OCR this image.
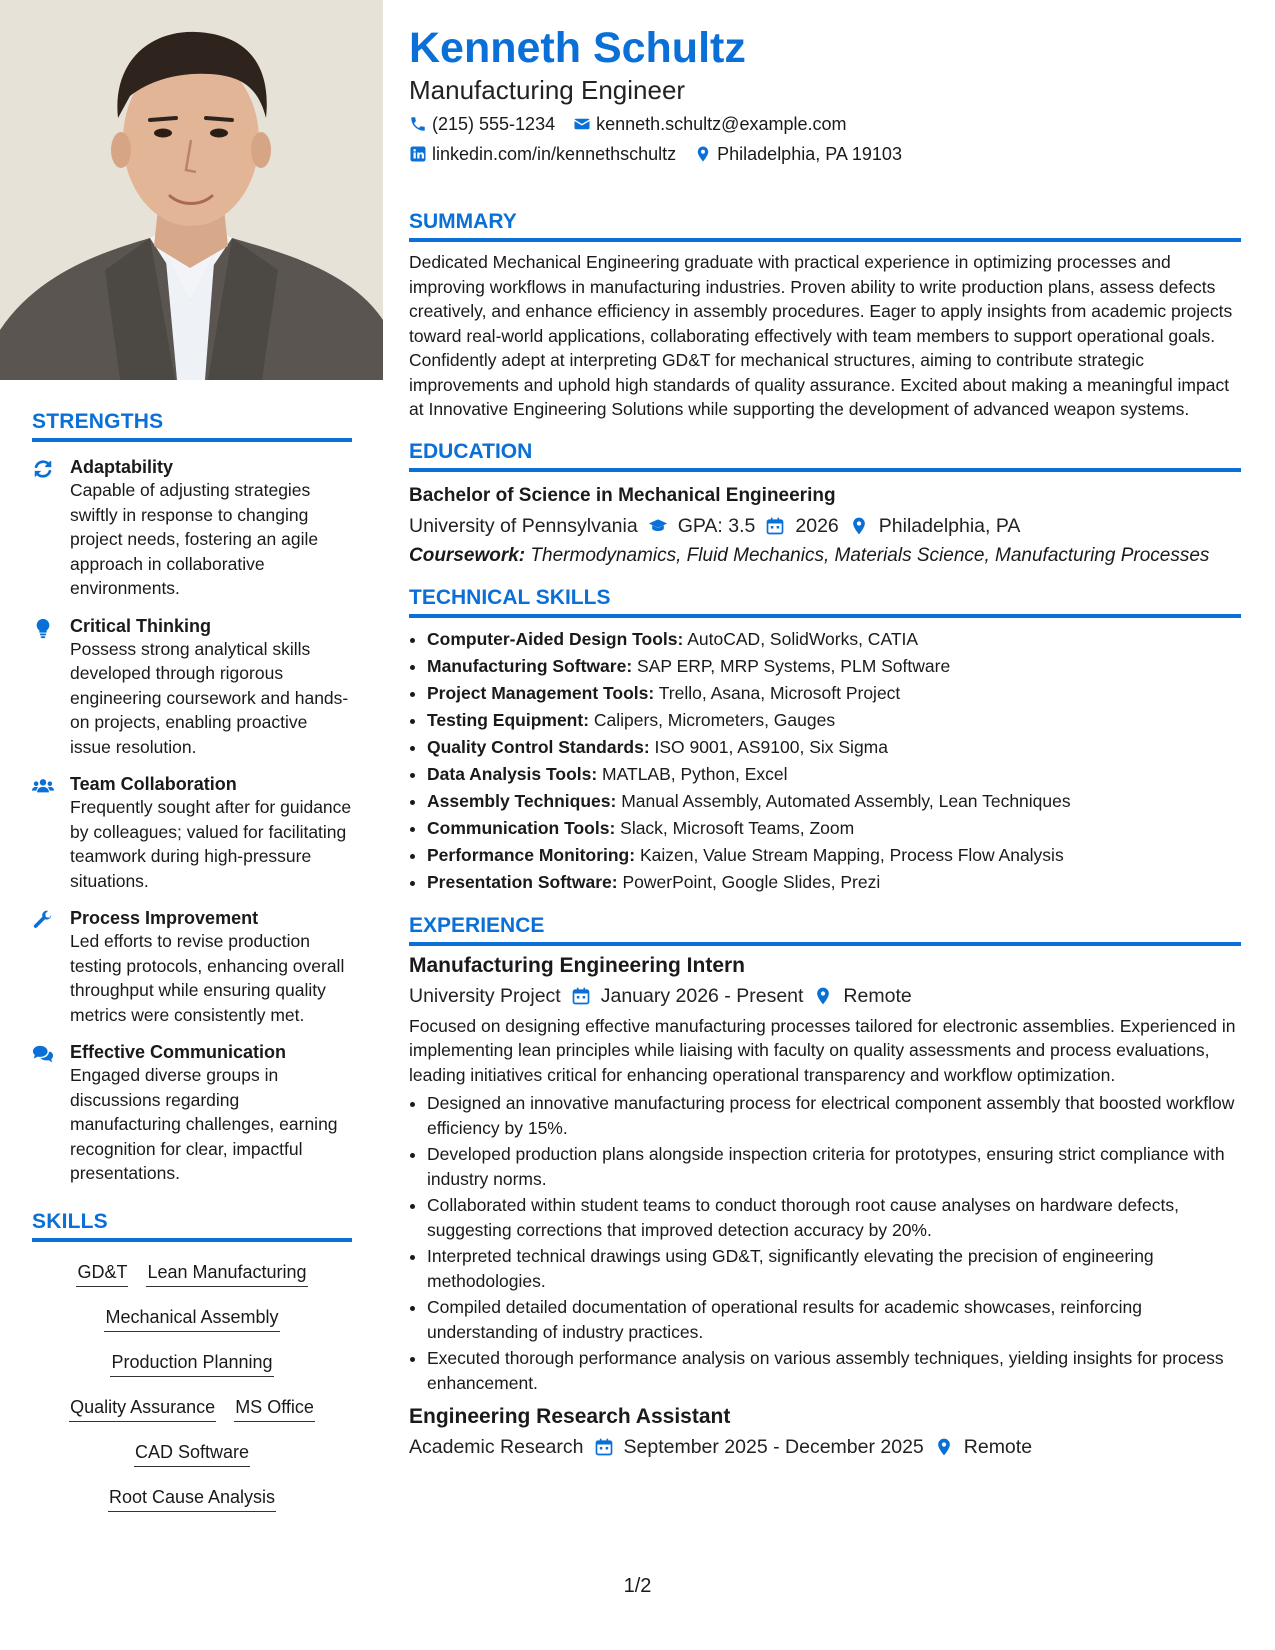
STRENGTHS
Adaptability
Capable of adjusting strategies swiftly in response to changing project needs, fostering an agile approach in collaborative environments.
Critical Thinking
Possess strong analytical skills developed through rigorous engineering coursework and hands-on projects, enabling proactive issue resolution.
Team Collaboration
Frequently sought after for guidance by colleagues; valued for facilitating teamwork during high-pressure situations.
Process Improvement
Led efforts to revise production testing protocols, enhancing overall throughput while ensuring quality metrics were consistently met.
Effective Communication
Engaged diverse groups in discussions regarding manufacturing challenges, earning recognition for clear, impactful presentations.
SKILLS
GD&T Lean Manufacturing
Mechanical Assembly
Production Planning
Quality Assurance MS Office
CAD Software
Root Cause Analysis
Kenneth Schultz
Manufacturing Engineer
(215) 555-1234 kenneth.schultz@example.com
linkedin.com/in/kennethschultz Philadelphia, PA 19103
SUMMARY
Dedicated Mechanical Engineering graduate with practical experience in optimizing processes and improving workflows in manufacturing industries. Proven ability to write production plans, assess defects creatively, and enhance efficiency in assembly procedures. Eager to apply insights from academic projects toward real-world applications, collaborating effectively with team members to support operational goals. Confidently adept at interpreting GD&T for mechanical structures, aiming to contribute strategic improvements and uphold high standards of quality assurance. Excited about making a meaningful impact at Innovative Engineering Solutions while supporting the development of advanced weapon systems.
EDUCATION
Bachelor of Science in Mechanical Engineering
University of Pennsylvania GPA: 3.5 2026 Philadelphia, PA
Coursework: Thermodynamics, Fluid Mechanics, Materials Science, Manufacturing Processes
TECHNICAL SKILLS
• Computer-Aided Design Tools: AutoCAD, SolidWorks, CATIA
• Manufacturing Software: SAP ERP, MRP Systems, PLM Software
• Project Management Tools: Trello, Asana, Microsoft Project
• Testing Equipment: Calipers, Micrometers, Gauges
• Quality Control Standards: ISO 9001, AS9100, Six Sigma
• Data Analysis Tools: MATLAB, Python, Excel
• Assembly Techniques: Manual Assembly, Automated Assembly, Lean Techniques
• Communication Tools: Slack, Microsoft Teams, Zoom
• Performance Monitoring: Kaizen, Value Stream Mapping, Process Flow Analysis
• Presentation Software: PowerPoint, Google Slides, Prezi
EXPERIENCE
Manufacturing Engineering Intern
University Project January 2026 - Present Remote
Focused on designing effective manufacturing processes tailored for electronic assemblies. Experienced in implementing lean principles while liaising with faculty on quality assessments and process evaluations, leading initiatives critical for enhancing operational transparency and workflow optimization.
• Designed an innovative manufacturing process for electrical component assembly that boosted workflow efficiency by 15%.
• Developed production plans alongside inspection criteria for prototypes, ensuring strict compliance with industry norms.
• Collaborated within student teams to conduct thorough root cause analyses on hardware defects, suggesting corrections that improved detection accuracy by 20%.
• Interpreted technical drawings using GD&T, significantly elevating the precision of engineering methodologies.
• Compiled detailed documentation of operational results for academic showcases, reinforcing understanding of industry practices.
• Executed thorough performance analysis on various assembly techniques, yielding insights for process enhancement.
Engineering Research Assistant
Academic Research September 2025 - December 2025 Remote
1/2
